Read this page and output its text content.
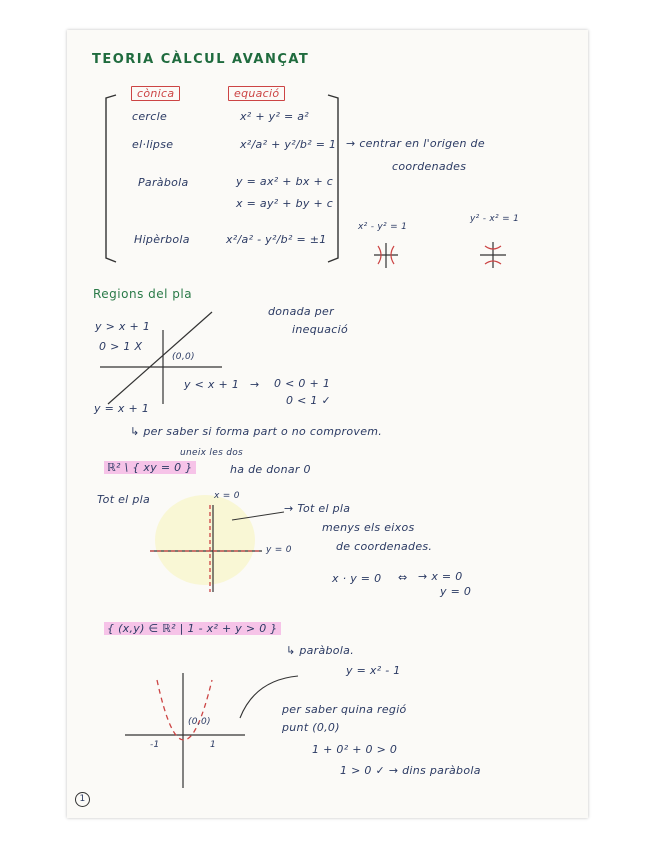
TEORIA CÀLCUL AVANÇAT
cònica	equació
cercle	x² + y² = a²
el·lipse	x²/a² + y²/b² = 1
Paràbola	y = ax² + bx + c
x = ay² + by + c
Hipèrbola	x²/a² - y²/b² = ±1
→ centrar en l'origen de
coordenades
x² - y² = 1
y² - x² = 1
Regions del pla
donada per
inequació
y > x + 1
0 > 1 X
(0,0)
y < x + 1 → 0 < 0 + 1
0 < 1 ✓
y = x + 1
↳ per saber si forma part o no comprovem.
uneix les dos
ℝ² \ { xy = 0 }	ha de donar 0
Tot el pla	x = 0
y = 0
→ Tot el pla
menys els eixos
de coordenades.
x · y = 0 ⇔ → x = 0
y = 0
{ (x,y) ∈ ℝ² | 1 - x² + y > 0 }
↳ paràbola.
y = x² - 1
(0,0)
-1	1
per saber quina regió
punt (0,0)
1 + 0² + 0 > 0
1 > 0 ✓ → dins paràbola
1
